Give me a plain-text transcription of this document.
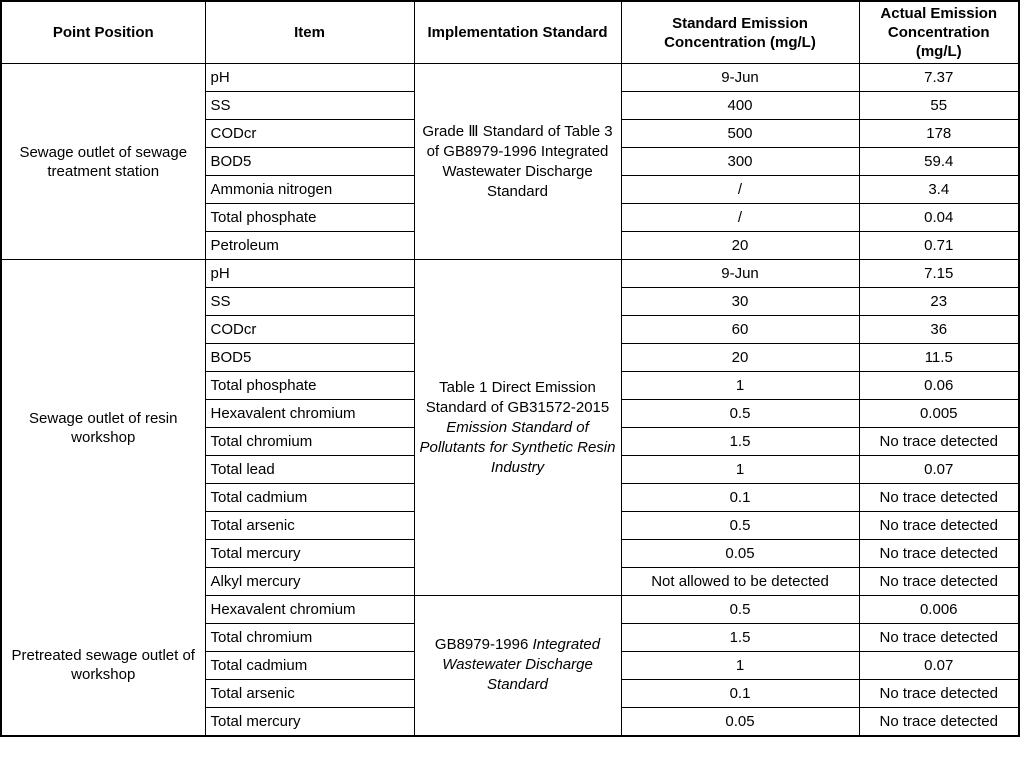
Point Position	Item	Implementation Standard	Standard Emission Concentration (mg/L)	Actual Emission Concentration (mg/L)
Sewage outlet of sewage treatment station	pH	Grade Ⅲ Standard of Table 3 of GB8979-1996 Integrated Wastewater Discharge Standard	9-Jun	7.37
	SS		400	55
	CODcr		500	178
	BOD5		300	59.4
	Ammonia nitrogen		/	3.4
	Total phosphate		/	0.04
	Petroleum		20	0.71
Sewage outlet of resin workshop	pH	Table 1 Direct Emission Standard of GB31572-2015 Emission Standard of Pollutants for Synthetic Resin Industry	9-Jun	7.15
	SS		30	23
	CODcr		60	36
	BOD5		20	11.5
	Total phosphate		1	0.06
	Hexavalent chromium		0.5	0.005
	Total chromium		1.5	No trace detected
	Total lead		1	0.07
	Total cadmium		0.1	No trace detected
	Total arsenic		0.5	No trace detected
	Total mercury		0.05	No trace detected
	Alkyl mercury		Not allowed to be detected	No trace detected
Pretreated sewage outlet of workshop	Hexavalent chromium	GB8979-1996 Integrated Wastewater Discharge Standard	0.5	0.006
	Total chromium		1.5	No trace detected
	Total cadmium		1	0.07
	Total arsenic		0.1	No trace detected
	Total mercury		0.05	No trace detected
